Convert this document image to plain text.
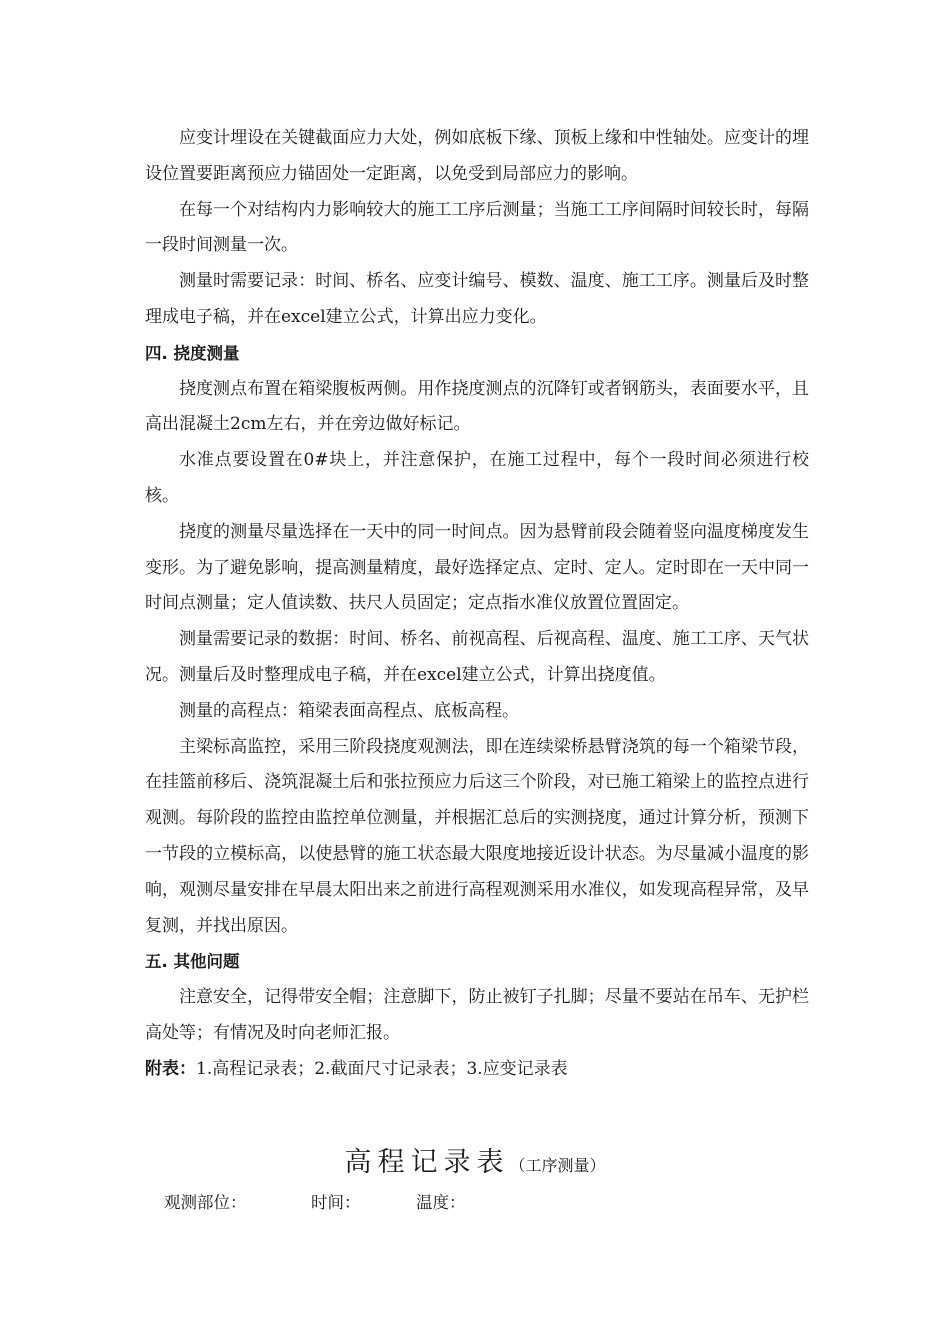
应变计埋设在关键截面应力大处，例如底板下缘、顶板上缘和中性轴处。应变计的埋设位置要距离预应力锚固处一定距离，以免受到局部应力的影响。

在每一个对结构内力影响较大的施工工序后测量；当施工工序间隔时间较长时，每隔一段时间测量一次。

测量时需要记录：时间、桥名、应变计编号、模数、温度、施工工序。测量后及时整理成电子稿，并在excel建立公式，计算出应力变化。

四. 挠度测量

挠度测点布置在箱梁腹板两侧。用作挠度测点的沉降钉或者钢筋头，表面要水平，且高出混凝土2cm左右，并在旁边做好标记。

水准点要设置在0#块上，并注意保护，在施工过程中，每个一段时间必须进行校核。

挠度的测量尽量选择在一天中的同一时间点。因为悬臂前段会随着竖向温度梯度发生变形。为了避免影响，提高测量精度，最好选择定点、定时、定人。定时即在一天中同一时间点测量；定人值读数、扶尺人员固定；定点指水准仪放置位置固定。

测量需要记录的数据：时间、桥名、前视高程、后视高程、温度、施工工序、天气状况。测量后及时整理成电子稿，并在excel建立公式，计算出挠度值。

测量的高程点：箱梁表面高程点、底板高程。

主梁标高监控，采用三阶段挠度观测法，即在连续梁桥悬臂浇筑的每一个箱梁节段，在挂篮前移后、浇筑混凝土后和张拉预应力后这三个阶段，对已施工箱梁上的监控点进行观测。每阶段的监控由监控单位测量，并根据汇总后的实测挠度，通过计算分析，预测下一节段的立模标高，以使悬臂的施工状态最大限度地接近设计状态。为尽量减小温度的影响，观测尽量安排在早晨太阳出来之前进行高程观测采用水准仪，如发现高程异常，及早复测，并找出原因。

五. 其他问题

注意安全，记得带安全帽；注意脚下，防止被钉子扎脚；尽量不要站在吊车、无护栏高处等；有情况及时向老师汇报。

附表：1.高程记录表；2.截面尺寸记录表；3.应变记录表

高程记录表（工序测量）
观测部位：	时间：	温度：
